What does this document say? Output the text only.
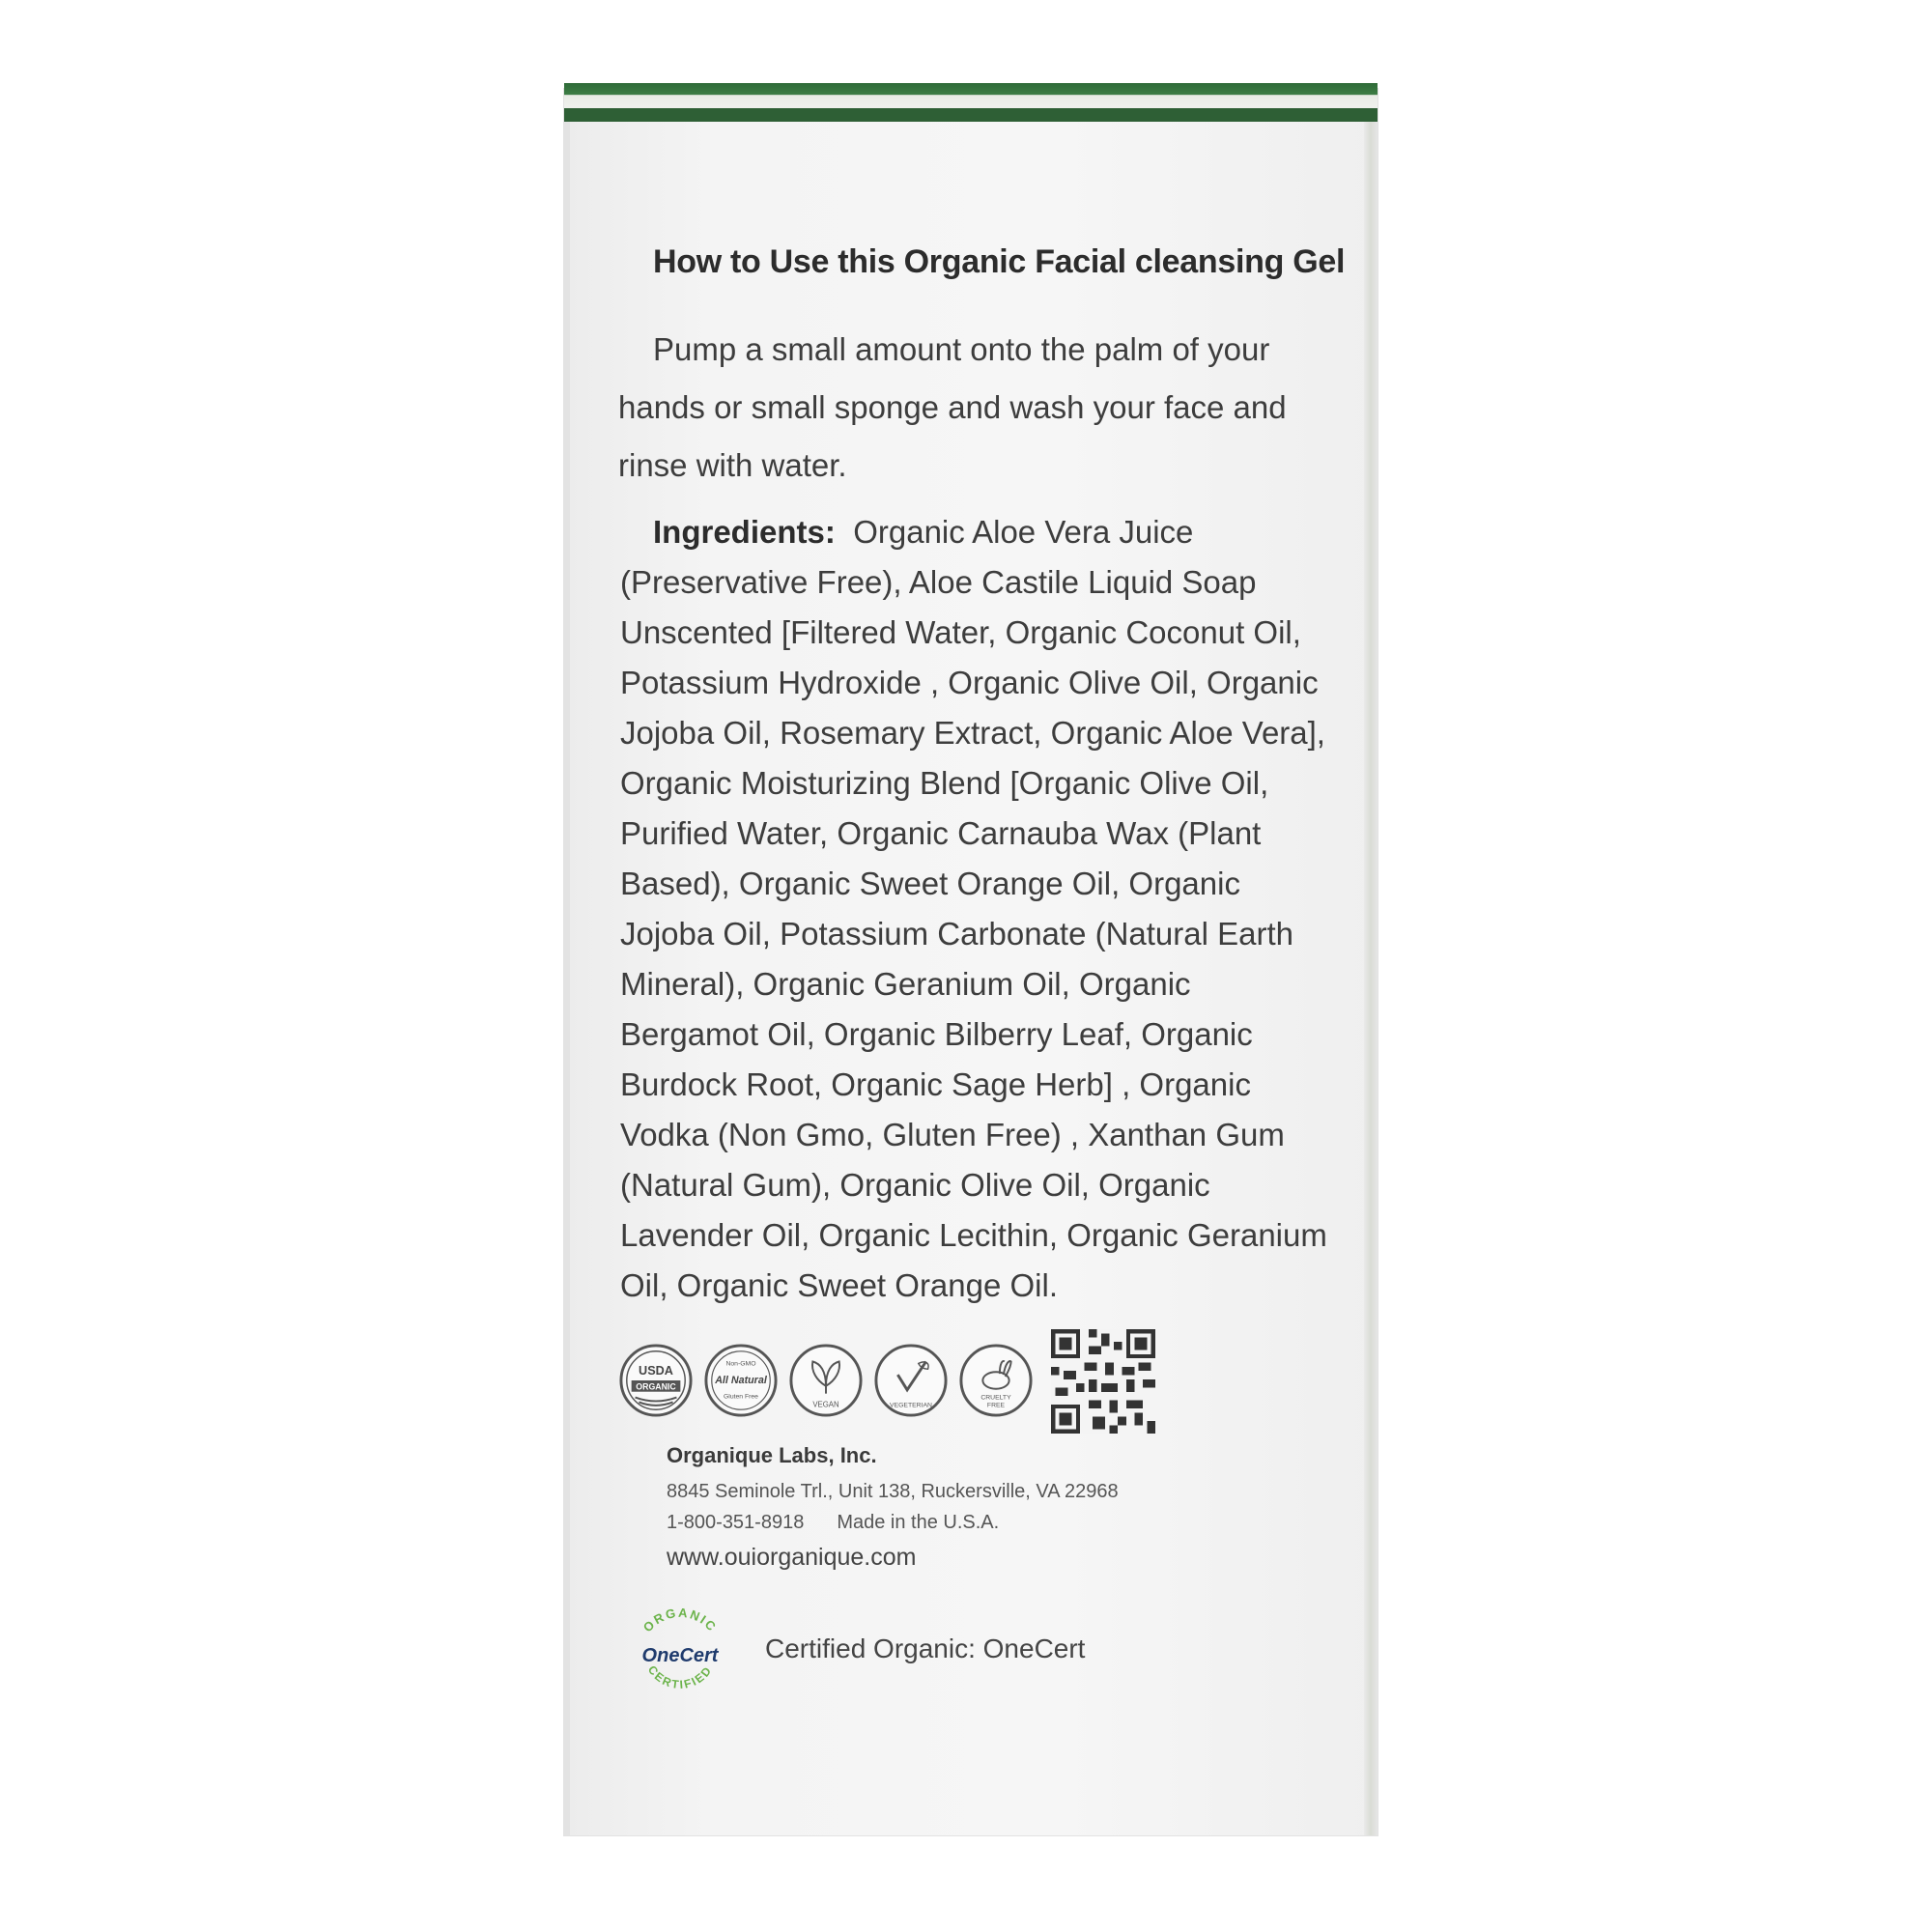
How to Use this Organic Facial cleansing Gel
Pump a small amount onto the palm of your hands or small sponge and wash your face and rinse with water.
Ingredients: Organic Aloe Vera Juice (Preservative Free), Aloe Castile Liquid Soap Unscented [Filtered Water, Organic Coconut Oil, Potassium Hydroxide , Organic Olive Oil, Organic Jojoba Oil, Rosemary Extract, Organic Aloe Vera], Organic Moisturizing Blend [Organic Olive Oil, Purified Water, Organic Carnauba Wax (Plant Based), Organic Sweet Orange Oil, Organic Jojoba Oil, Potassium Carbonate (Natural Earth Mineral), Organic Geranium Oil, Organic Bergamot Oil, Organic Bilberry Leaf, Organic Burdock Root, Organic Sage Herb] , Organic Vodka (Non Gmo, Gluten Free) , Xanthan Gum (Natural Gum), Organic Olive Oil, Organic Lavender Oil, Organic Lecithin, Organic Geranium Oil, Organic Sweet Orange Oil.
USDA
ORGANIC
Non-GMO
All Natural
Gluten Free
VEGAN	VEGETERIAN
CRUELTY
FREE
Organique Labs, Inc.
8845 Seminole Trl., Unit 138, Ruckersville, VA 22968
1-800-351-8918 Made in the U.S.A.
www.ouiorganique.com
ORGANIC
CERTIFIED
OneCert Certified Organic: OneCert
